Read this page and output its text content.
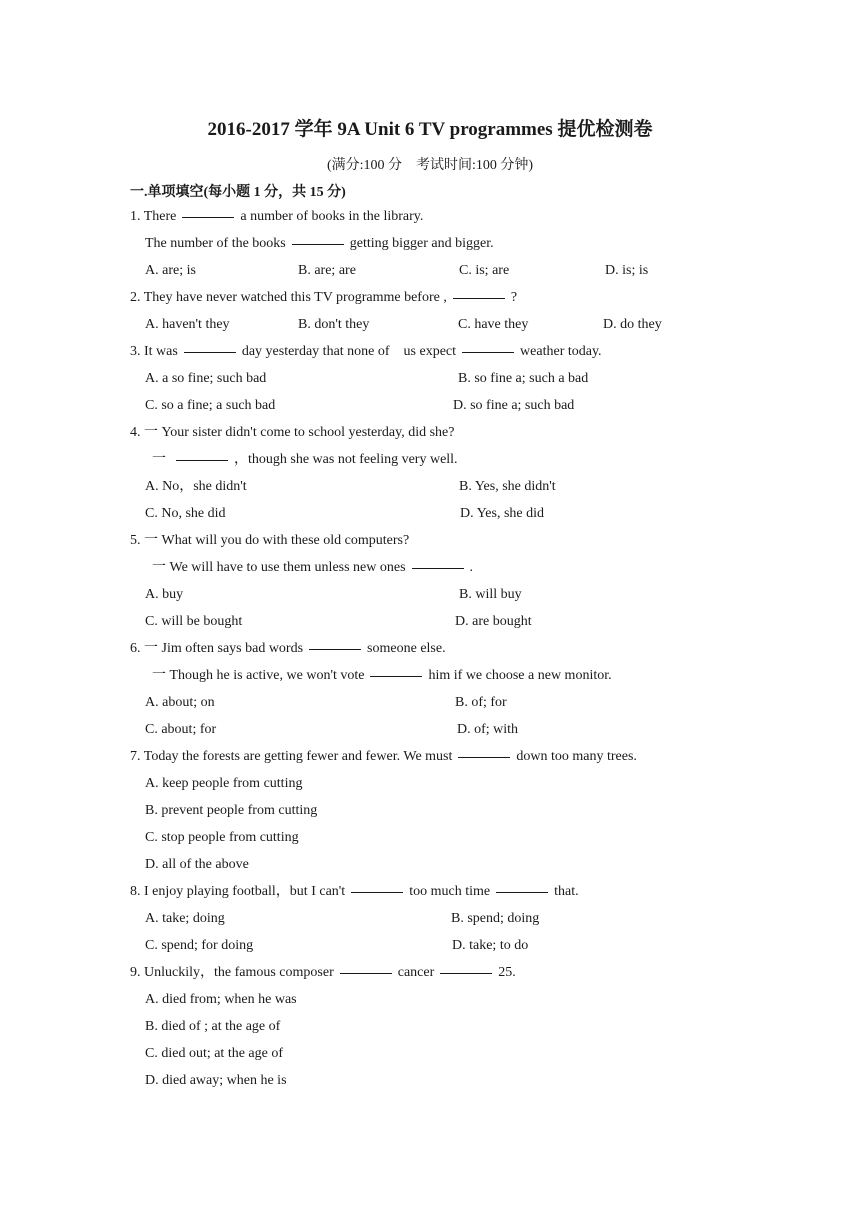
2016-2017 学年 9A Unit 6 TV programmes 提优检测卷
(满分:100 分　考试时间:100 分钟)
一.单项填空(每小题 1 分，共 15 分)
1. There	a number of books in the library.
The number of the books	getting bigger and bigger.
A. are; is	B. are; are	C. is; are	D. is; is
2. They have never watched this TV programme before ,	?
A. haven't they	B. don't they	C. have they	D. do they
3. It was	day yesterday that none of　us expect	weather today.
A. a so fine; such bad	B. so fine a; such a bad
C. so a fine; a such bad	D. so fine a; such bad
4. 一 Your sister didn't come to school yesterday, did she?
一	，though she was not feeling very well.
A. No，she didn't	B. Yes, she didn't
C. No, she did	D. Yes, she did
5. 一 What will you do with these old computers?
一 We will have to use them unless new ones	.
A. buy	B. will buy
C. will be bought	D. are bought
6. 一 Jim often says bad words	someone else.
一 Though he is active, we won't vote	him if we choose a new monitor.
A. about; on	B. of; for
C. about; for	D. of; with
7. Today the forests are getting fewer and fewer. We must	down too many trees.
A. keep people from cutting
B. prevent people from cutting
C. stop people from cutting
D. all of the above
8. I enjoy playing football，but I can't	too much time	that.
A. take; doing	B. spend; doing
C. spend; for doing	D. take; to do
9. Unluckily，the famous composer	cancer	25.
A. died from; when he was
B. died of ; at the age of
C. died out; at the age of
D. died away; when he is
